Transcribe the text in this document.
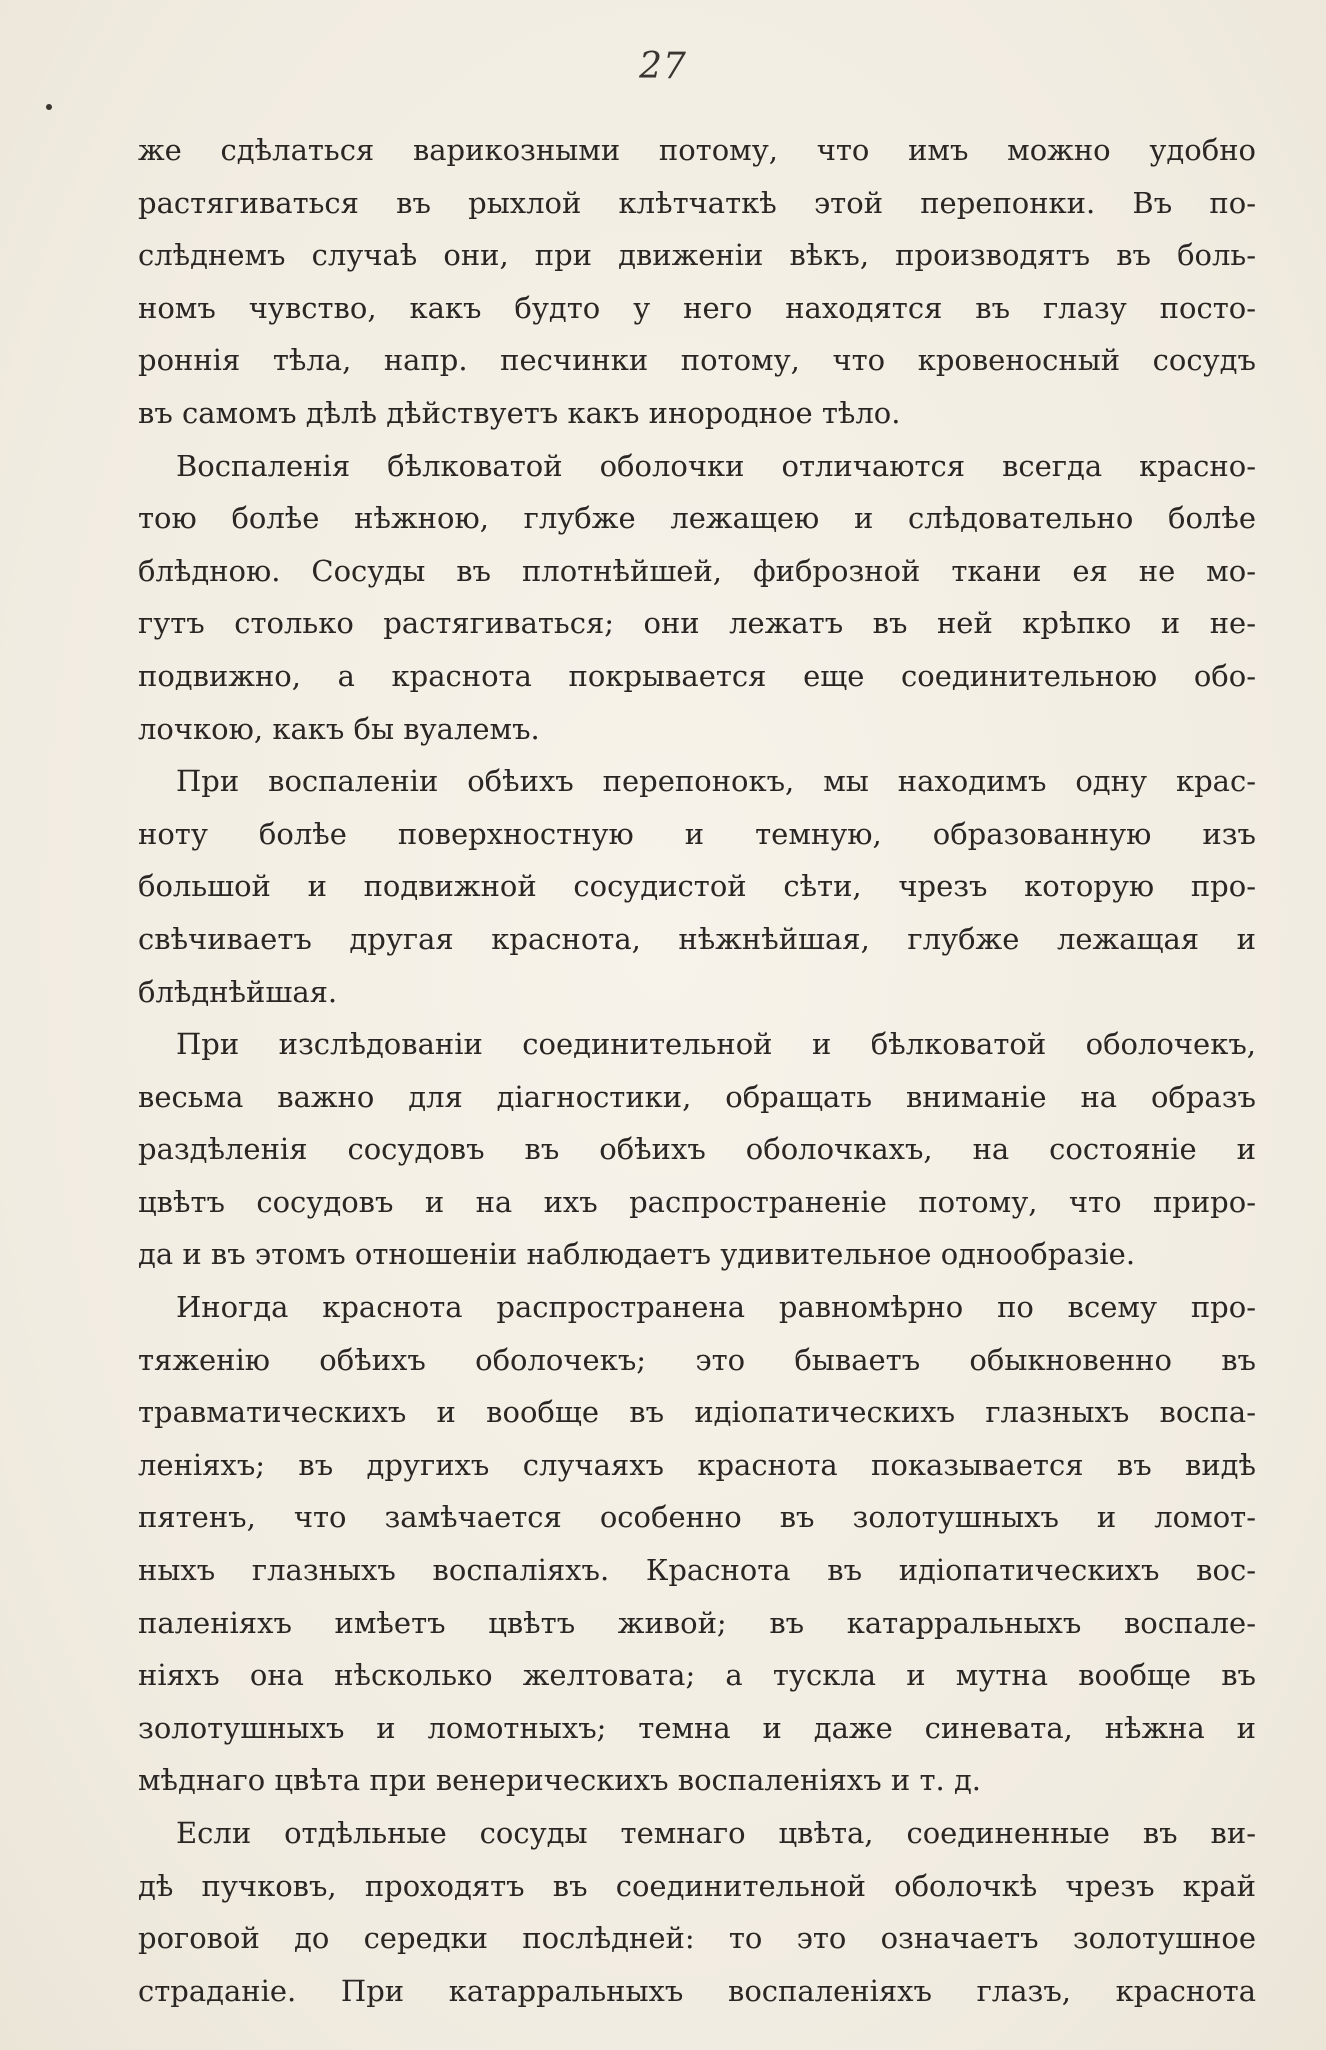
27
же сдѣлаться варикозными потому, что имъ можно удобно
растягиваться въ рыхлой клѣтчаткѣ этой перепонки. Въ по-
слѣднемъ случаѣ они, при движеніи вѣкъ, производятъ въ боль-
номъ чувство, какъ будто у него находятся въ глазу посто-
роннія тѣла, напр. песчинки потому, что кровеносный сосудъ
въ самомъ дѣлѣ дѣйствуетъ какъ инородное тѣло.
Воспаленія бѣлковатой оболочки отличаются всегда красно-
тою болѣе нѣжною, глубже лежащею и слѣдовательно болѣе
блѣдною. Сосуды въ плотнѣйшей, фиброзной ткани ея не мо-
гутъ столько растягиваться; они лежатъ въ ней крѣпко и не-
подвижно, а краснота покрывается еще соединительною обо-
лочкою, какъ бы вуалемъ.
При воспаленіи обѣихъ перепонокъ, мы находимъ одну крас-
ноту болѣе поверхностную и темную, образованную изъ
большой и подвижной сосудистой сѣти, чрезъ которую про-
свѣчиваетъ другая краснота, нѣжнѣйшая, глубже лежащая и
блѣднѣйшая.
При изслѣдованіи соединительной и бѣлковатой оболочекъ,
весьма важно для діагностики, обращать вниманіе на образъ
раздѣленія сосудовъ въ обѣихъ оболочкахъ, на состояніе и
цвѣтъ сосудовъ и на ихъ распространеніе потому, что приро-
да и въ этомъ отношеніи наблюдаетъ удивительное однообразіе.
Иногда краснота распространена равномѣрно по всему про-
тяженію обѣихъ оболочекъ; это бываетъ обыкновенно въ
травматическихъ и вообще въ идіопатическихъ глазныхъ воспа-
леніяхъ; въ другихъ случаяхъ краснота показывается въ видѣ
пятенъ, что замѣчается особенно въ золотушныхъ и ломот-
ныхъ глазныхъ воспаліяхъ. Краснота въ идіопатическихъ вос-
паленіяхъ имѣетъ цвѣтъ живой; въ катарральныхъ воспале-
ніяхъ она нѣсколько желтовата; а тускла и мутна вообще въ
золотушныхъ и ломотныхъ; темна и даже синевата, нѣжна и
мѣднаго цвѣта при венерическихъ воспаленіяхъ и т. д.
Если отдѣльные сосуды темнаго цвѣта, соединенные въ ви-
дѣ пучковъ, проходятъ въ соединительной оболочкѣ чрезъ край
роговой до середки послѣдней: то это означаетъ золотушное
страданіе. При катарральныхъ воспаленіяхъ глазъ, краснота
